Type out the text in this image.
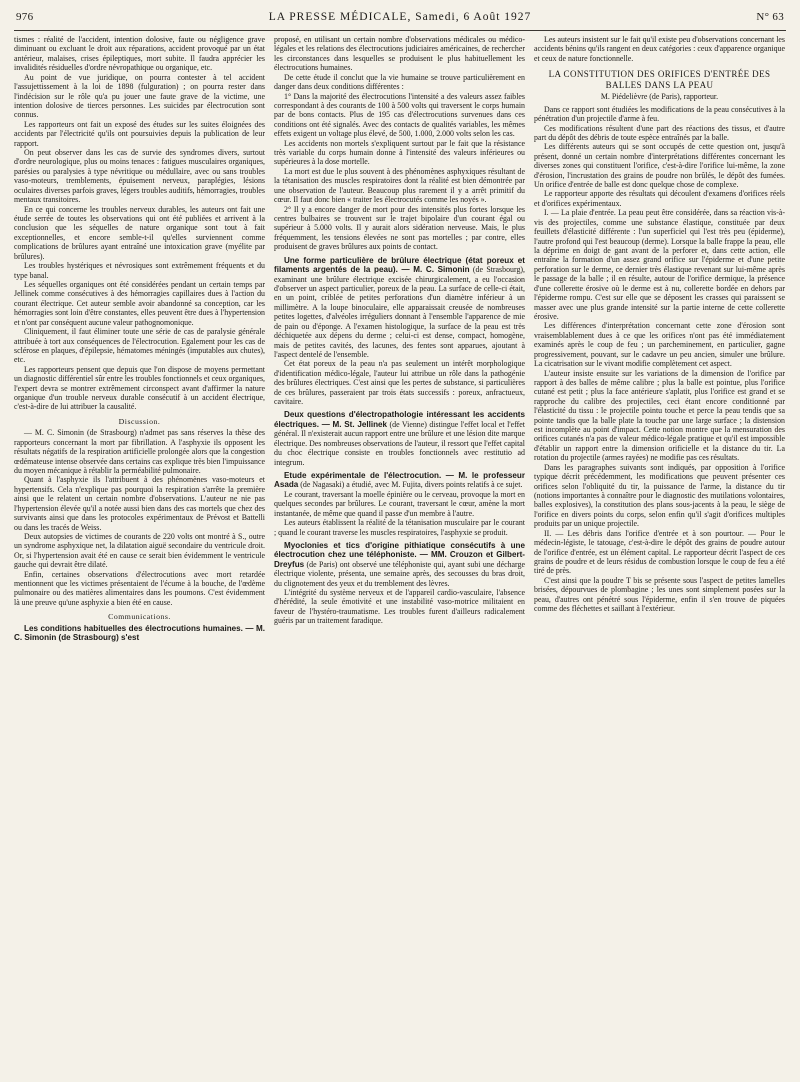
976	LA PRESSE MÉDICALE, Samedi, 6 Août 1927	N° 63

tismes : réalité de l'accident, intention dolosive, faute ou négligence grave diminuant ou excluant le droit aux réparations, accident provoqué par un état antérieur, malaises, crises épileptiques, mort subite. Il faudra apprécier les invalidités résiduelles d'ordre névropathique ou organique, etc.

Au point de vue juridique, on pourra contester à tel accident l'assujettissement à la loi de 1898 (fulguration) ; on pourra rester dans l'indécision sur le rôle qu'a pu jouer une faute grave de la victime, une intention dolosive de tierces personnes. Les suicides par électrocution sont connus.

Les rapporteurs ont fait un exposé des études sur les suites éloignées des accidents par l'électricité qu'ils ont poursuivies depuis la publication de leur rapport.

On peut observer dans les cas de survie des syndromes divers, surtout d'ordre neurologique, plus ou moins tenaces : fatigues musculaires organiques, parésies ou paralysies à type névritique ou médullaire, avec ou sans troubles vaso-moteurs, tremblements, épuisement nerveux, paraplégies, lésions oculaires diverses parfois graves, légers troubles auditifs, hémorragies, troubles mentaux transitoires.

En ce qui concerne les troubles nerveux durables, les auteurs ont fait une étude serrée de toutes les observations qui ont été publiées et arrivent à la conclusion que les séquelles de nature organique sont tout à fait exceptionnelles, et encore semble-t-il qu'elles surviennent comme complications de brûlures ayant entraîné une intoxication grave (myélite par brûlures).

Les troubles hystériques et névrosiques sont extrêmement fréquents et du type banal.

Les séquelles organiques ont été considérées pendant un certain temps par Jellinek comme consécutives à des hémorragies capillaires dues à l'action du courant électrique. Cet auteur semble avoir abandonné sa conception, car les hémorragies sont loin d'être constantes, elles peuvent être dues à l'hypertension et n'ont par conséquent aucune valeur pathognomonique.

Cliniquement, il faut éliminer toute une série de cas de paralysie générale attribuée à tort aux conséquences de l'électrocution. Egalement pour les cas de sclérose en plaques, d'épilepsie, hématomes méningés (imputables aux chutes), etc.

Les rapporteurs pensent que depuis que l'on dispose de moyens permettant un diagnostic différentiel sûr entre les troubles fonctionnels et ceux organiques, l'expert devra se montrer extrêmement circonspect avant d'affirmer la nature organique d'un trouble nerveux durable consécutif à un accident électrique, c'est-à-dire de lui attribuer la causalité.

Discussion.

— M. C. Simonin (de Strasbourg) n'admet pas sans réserves la thèse des rapporteurs concernant la mort par fibrillation. A l'asphyxie ils opposent les résultats négatifs de la respiration artificielle prolongée alors que la congestion œdémateuse intense observée dans certains cas explique très bien l'impuissance du moyen mécanique à rétablir la perméabilité pulmonaire.

Quant à l'asphyxie ils l'attribuent à des phénomènes vaso-moteurs et hypertensifs. Cela n'explique pas pourquoi la respiration s'arrête la première ainsi que le relatent un certain nombre d'observations. L'auteur ne nie pas l'hypertension élevée qu'il a notée aussi bien dans des cas mortels que chez des survivants ainsi que dans les protocoles expérimentaux de Prévost et Battelli ou dans les tracés de Weiss.

Deux autopsies de victimes de courants de 220 volts ont montré à S., outre un syndrome asphyxique net, la dilatation aiguë secondaire du ventricule droit. Or, si l'hypertension avait été en cause ce serait bien évidemment le ventricule gauche qui devrait être dilaté.

Enfin, certaines observations d'électrocutions avec mort retardée mentionnent que les victimes présentaient de l'écume à la bouche, de l'œdème pulmonaire ou des matières alimentaires dans les poumons. C'est évidemment là une preuve qu'une asphyxie a bien été en cause.

Communications.

Les conditions habituelles des électrocutions humaines. — M. C. Simonin (de Strasbourg) s'est

proposé, en utilisant un certain nombre d'observations médicales ou médico-légales et les relations des électrocutions judiciaires américaines, de rechercher les circonstances dans lesquelles se produisent le plus habituellement les électrocutions humaines.

De cette étude il conclut que la vie humaine se trouve particulièrement en danger dans deux conditions différentes :

1° Dans la majorité des électrocutions l'intensité a des valeurs assez faibles correspondant à des courants de 100 à 500 volts qui traversent le corps humain par de bons contacts. Plus de 195 cas d'électrocutions survenues dans ces conditions ont été signalés. Avec des contacts de qualités variables, les mêmes effets exigent un voltage plus élevé, de 500, 1.000, 2.000 volts selon les cas.

Les accidents non mortels s'expliquent surtout par le fait que la résistance très variable du corps humain donne à l'intensité des valeurs inférieures ou supérieures à la dose mortelle.

La mort est due le plus souvent à des phénomènes asphyxiques résultant de la tétanisation des muscles respiratoires dont la réalité est bien démontrée par une observation de l'auteur. Beaucoup plus rarement il y a arrêt primitif du cœur. Il faut donc bien « traiter les électrocutés comme les noyés ».

2° Il y a encore danger de mort pour des intensités plus fortes lorsque les centres bulbaires se trouvent sur le trajet bipolaire d'un courant égal ou supérieur à 5.000 volts. Il y aurait alors sidération nerveuse. Mais, le plus fréquemment, les tensions élevées ne sont pas mortelles ; par contre, elles produisent de graves brûlures aux points de contact.

Une forme particulière de brûlure électrique (état poreux et filaments argentés de la peau). — M. C. Simonin (de Strasbourg), examinant une brûlure électrique excisée chirurgicalement, a eu l'occasion d'observer un aspect particulier, poreux de la peau. La surface de celle-ci était, en un point, criblée de petites perforations d'un diamètre inférieur à un millimètre. A la loupe binoculaire, elle apparaissait creusée de nombreuses petites logettes, d'alvéoles irréguliers donnant à l'ensemble l'apparence de mie de pain ou d'éponge. A l'examen histologique, la surface de la peau est très déchiquetée aux dépens du derme ; celui-ci est dense, compact, homogène, mais de petites cavités, des lacunes, des fentes sont apparues, ajoutant à l'aspect dentelé de l'ensemble.

Cet état poreux de la peau n'a pas seulement un intérêt morphologique d'identification médico-légale, l'auteur lui attribue un rôle dans la pathogénie des brûlures électriques. C'est ainsi que les pertes de substance, si particulières de ces brûlures, passeraient par trois états successifs : poreux, anfractueux, cavitaire.

Deux questions d'électropathologie intéressant les accidents électriques. — M. St. Jellinek (de Vienne) distingue l'effet local et l'effet général. Il n'existerait aucun rapport entre une brûlure et une lésion dite marque électrique. Des nombreuses observations de l'auteur, il ressort que l'effet capital du choc électrique consiste en troubles fonctionnels avec restitutio ad integrum.

Etude expérimentale de l'électrocution. — M. le professeur Asada (de Nagasaki) a étudié, avec M. Fujita, divers points relatifs à ce sujet.

Le courant, traversant la moelle épinière ou le cerveau, provoque la mort en quelques secondes par brûlures. Le courant, traversant le cœur, amène la mort instantanée, de même que quand il passe d'un membre à l'autre.

Les auteurs établissent la réalité de la tétanisation musculaire par le courant ; quand le courant traverse les muscles respiratoires, l'asphyxie se produit.

Myoclonies et tics d'origine pithiatique consécutifs à une électrocution chez une téléphoniste. — MM. Crouzon et Gilbert-Dreyfus (de Paris) ont observé une téléphoniste qui, ayant subi une décharge électrique violente, présenta, une semaine après, des secousses du bras droit, du clignotement des yeux et du tremblement des lèvres.

L'intégrité du système nerveux et de l'appareil cardio-vasculaire, l'absence d'hérédité, la seule émotivité et une instabilité vaso-motrice militaient en faveur de l'hystéro-traumatisme. Les troubles furent d'ailleurs radicalement guéris par un traitement faradique.

Les auteurs insistent sur le fait qu'il existe peu d'observations concernant les accidents bénins qu'ils rangent en deux catégories : ceux d'apparence organique et ceux de nature fonctionnelle.

LA CONSTITUTION DES ORIFICES D'ENTRÉE DES BALLES DANS LA PEAU

M. Piédelièvre (de Paris), rapporteur.

Dans ce rapport sont étudiées les modifications de la peau consécutives à la pénétration d'un projectile d'arme à feu.

Ces modifications résultent d'une part des réactions des tissus, et d'autre part du dépôt des débris de toute espèce entraînés par la balle.

Les différents auteurs qui se sont occupés de cette question ont, jusqu'à présent, donné un certain nombre d'interprétations différentes concernant les diverses zones qui constituent l'orifice, c'est-à-dire l'orifice lui-même, la zone d'érosion, l'incrustation des grains de poudre non brûlés, le dépôt des fumées. Un orifice d'entrée de balle est donc quelque chose de complexe.

Le rapporteur apporte des résultats qui découlent d'examens d'orifices réels et d'orifices expérimentaux.

I. — La plaie d'entrée. La peau peut être considérée, dans sa réaction vis-à-vis des projectiles, comme une substance élastique, constituée par deux feuillets d'élasticité différente : l'un superficiel qui l'est très peu (épiderme), l'autre profond qui l'est beaucoup (derme). Lorsque la balle frappe la peau, elle la déprime en doigt de gant avant de la perforer et, dans cette action, elle entraîne la formation d'un assez grand orifice sur l'épiderme et d'une petite perforation sur le derme, ce dernier très élastique revenant sur lui-même après le passage de la balle ; il en résulte, autour de l'orifice dermique, la présence d'une collerette érosive où le derme est à nu, collerette bordée en dehors par l'épiderme rompu. C'est sur elle que se déposent les crasses qui paraissent se masser avec une plus grande intensité sur la partie interne de cette collerette érosive.

Les différences d'interprétation concernant cette zone d'érosion sont vraisemblablement dues à ce que les orifices n'ont pas été immédiatement examinés après le coup de feu ; un parcheminement, en particulier, gagne progressivement, pouvant, sur le cadavre un peu ancien, simuler une brûlure. La cicatrisation sur le vivant modifie complètement cet aspect.

L'auteur insiste ensuite sur les variations de la dimension de l'orifice par rapport à des balles de même calibre ; plus la balle est pointue, plus l'orifice cutané est petit ; plus la face antérieure s'aplatit, plus l'orifice est grand et se rapproche du calibre des projectiles, ceci étant encore conditionné par l'élasticité du tissu : le projectile pointu touche et perce la peau tendis que sa pointe tandis que la balle plate la touche par une large surface ; la distension est incomplète au point d'impact. Cette notion montre que la mensuration des orifices cutanés n'a pas de valeur médico-légale pratique et qu'il est impossible d'établir un rapport entre la dimension orificielle et la distance du tir. La rotation du projectile (armes rayées) ne modifie pas ces résultats.

Dans les paragraphes suivants sont indiqués, par opposition à l'orifice typique décrit précédemment, les modifications que peuvent présenter ces orifices selon l'obliquité du tir, la puissance de l'arme, la distance du tir (notions importantes à connaître pour le diagnostic des mutilations volontaires, balles explosives), la constitution des plans sous-jacents à la peau, le siège de l'orifice en divers points du corps, selon enfin qu'il s'agit d'orifices multiples produits par un unique projectile.

II. — Les débris dans l'orifice d'entrée et à son pourtour. — Pour le médecin-légiste, le tatouage, c'est-à-dire le dépôt des grains de poudre autour de l'orifice d'entrée, est un élément capital. Le rapporteur décrit l'aspect de ces grains de poudre et de leurs résidus de combustion lorsque le coup de feu a été tiré de près.

C'est ainsi que la poudre T bis se présente sous l'aspect de petites lamelles brisées, dépourvues de plombagine ; les unes sont simplement posées sur la peau, d'autres ont pénétré sous l'épiderme, enfin il s'en trouve de piquées comme des fléchettes et saillant à l'extérieur.
